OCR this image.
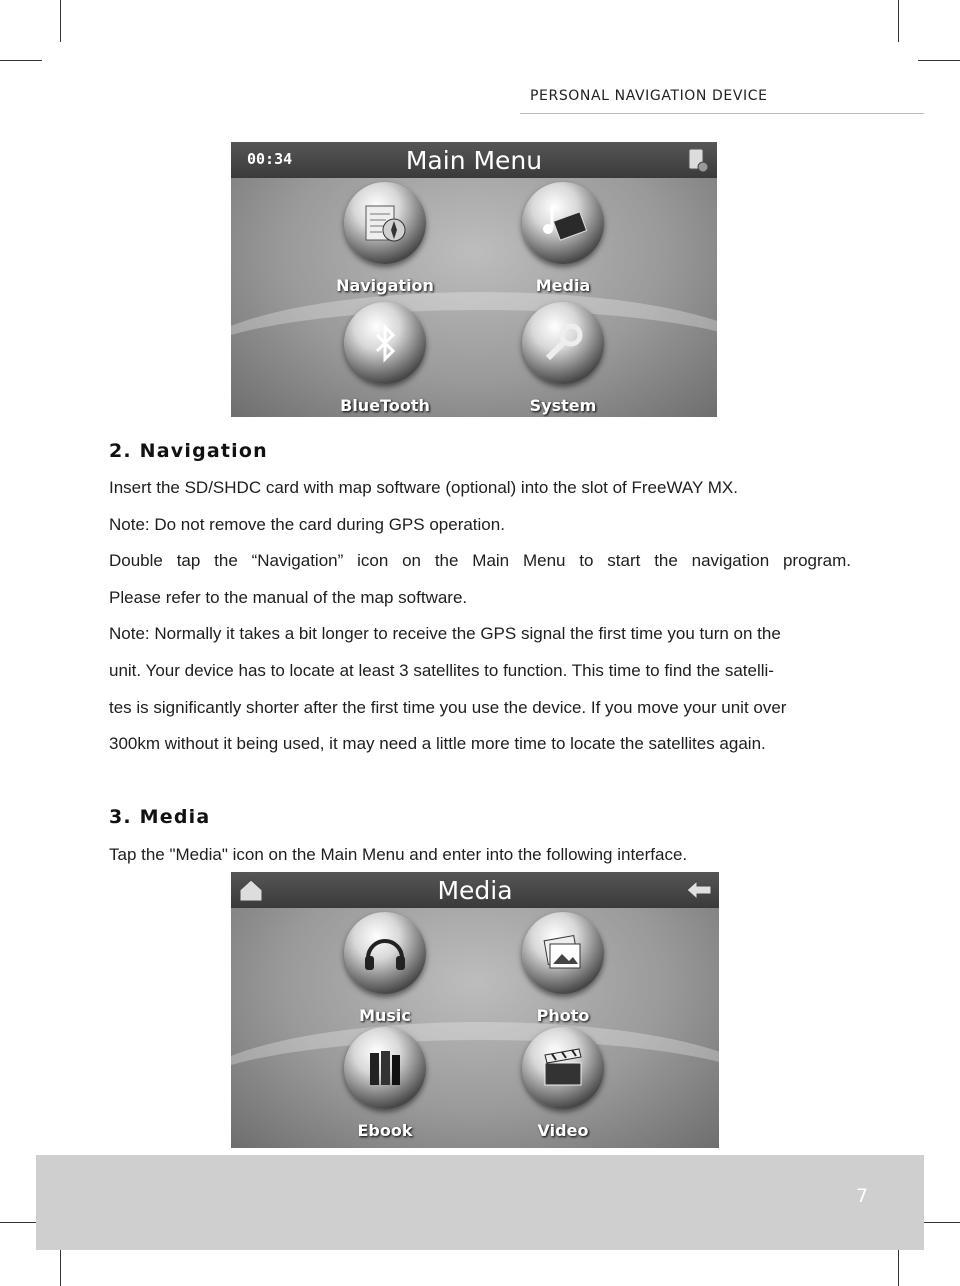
PERSONAL NAVIGATION DEVICE
00:34	Main Menu
Navigation	Media
BlueTooth	System
2. Navigation
Insert the SD/SHDC card with map software (optional) into the slot of FreeWAY MX.
Note: Do not remove the card during GPS operation.
Double tap the “Navigation” icon on the Main Menu to start the navigation program.
Please refer to the manual of the map software.
Note: Normally it takes a bit longer to receive the GPS signal the first time you turn on the
unit. Your device has to locate at least 3 satellites to function. This time to find the satelli-
tes is significantly shorter after the first time you use the device. If you move your unit over
300km without it being used, it may need a little more time to locate the satellites again.
3. Media
Tap the "Media" icon on the Main Menu and enter into the following interface.
Media
Music	Photo
Ebook	Video
7
